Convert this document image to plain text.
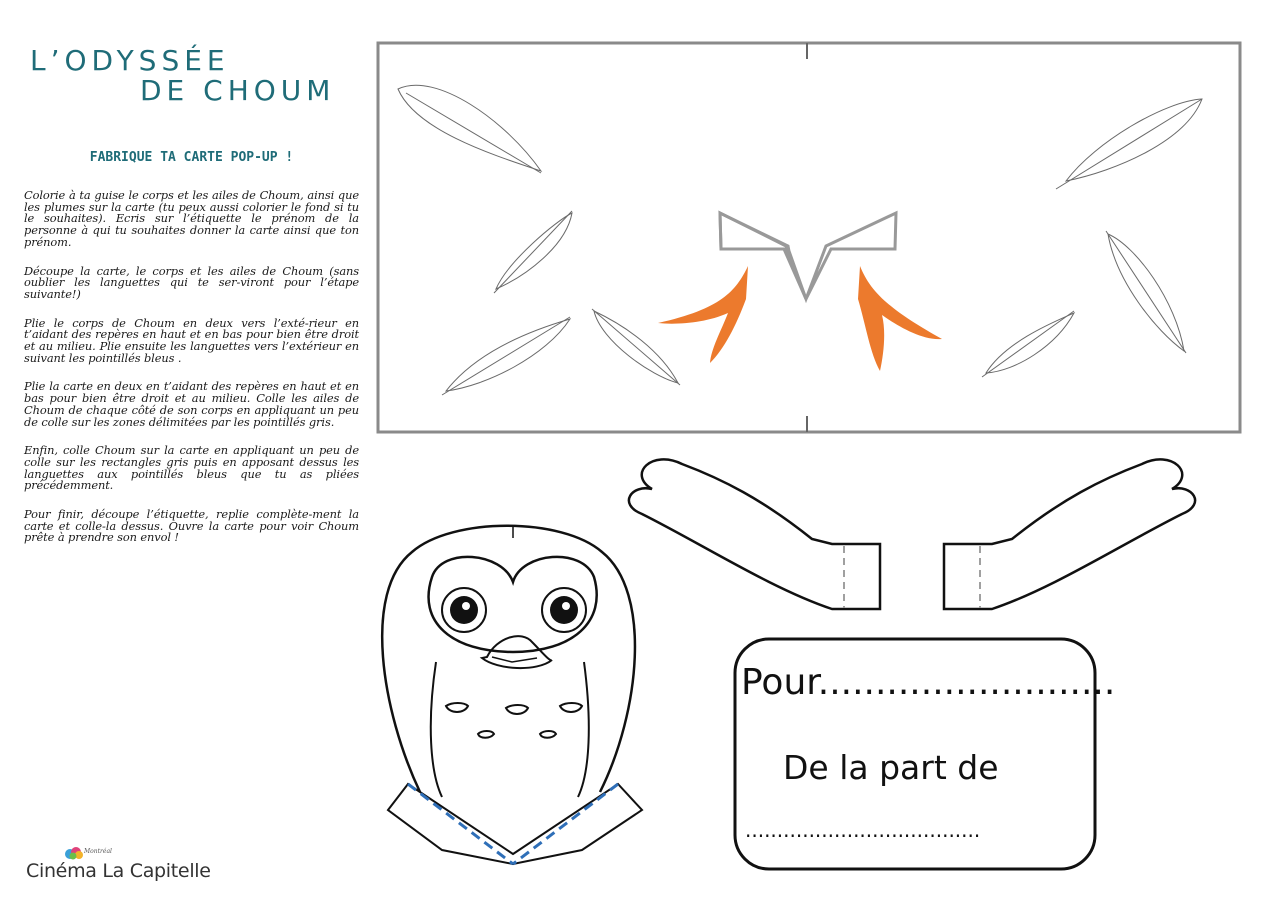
L’ODYSSÉE
DE CHOUM
FABRIQUE TA CARTE POP-UP !

Colorie à ta guise le corps et les ailes de Choum, ainsi que les plumes sur la carte (tu peux aussi colorier le fond si tu le souhaites). Ecris sur l’étiquette le prénom de la personne à qui tu souhaites donner la carte ainsi que ton prénom.

Découpe la carte, le corps et les ailes de Choum (sans oublier les languettes qui te ser-viront pour l’étape suivante!)

Plie le corps de Choum en deux vers l’exté-rieur en t’aidant des repères en haut et en bas pour bien être droit et au milieu. Plie ensuite les languettes vers l’extérieur en suivant les pointillés bleus .

Plie la carte en deux en t’aidant des repères en haut et en bas pour bien être droit et au milieu. Colle les ailes de Choum de chaque côté de son corps en appliquant un peu de colle sur les zones délimitées par les pointillés gris.

Enfin, colle Choum sur la carte en appliquant un peu de colle sur les rectangles gris puis en apposant dessus les languettes aux pointillés bleus que tu as pliées précédemment.

Pour finir, découpe l’étiquette, replie complète-ment la carte et colle-la dessus. Ouvre la carte pour voir Choum prête à prendre son envol !

Montréal
Cinéma La Capitelle
Pour..........................
De la part de
.....................................
